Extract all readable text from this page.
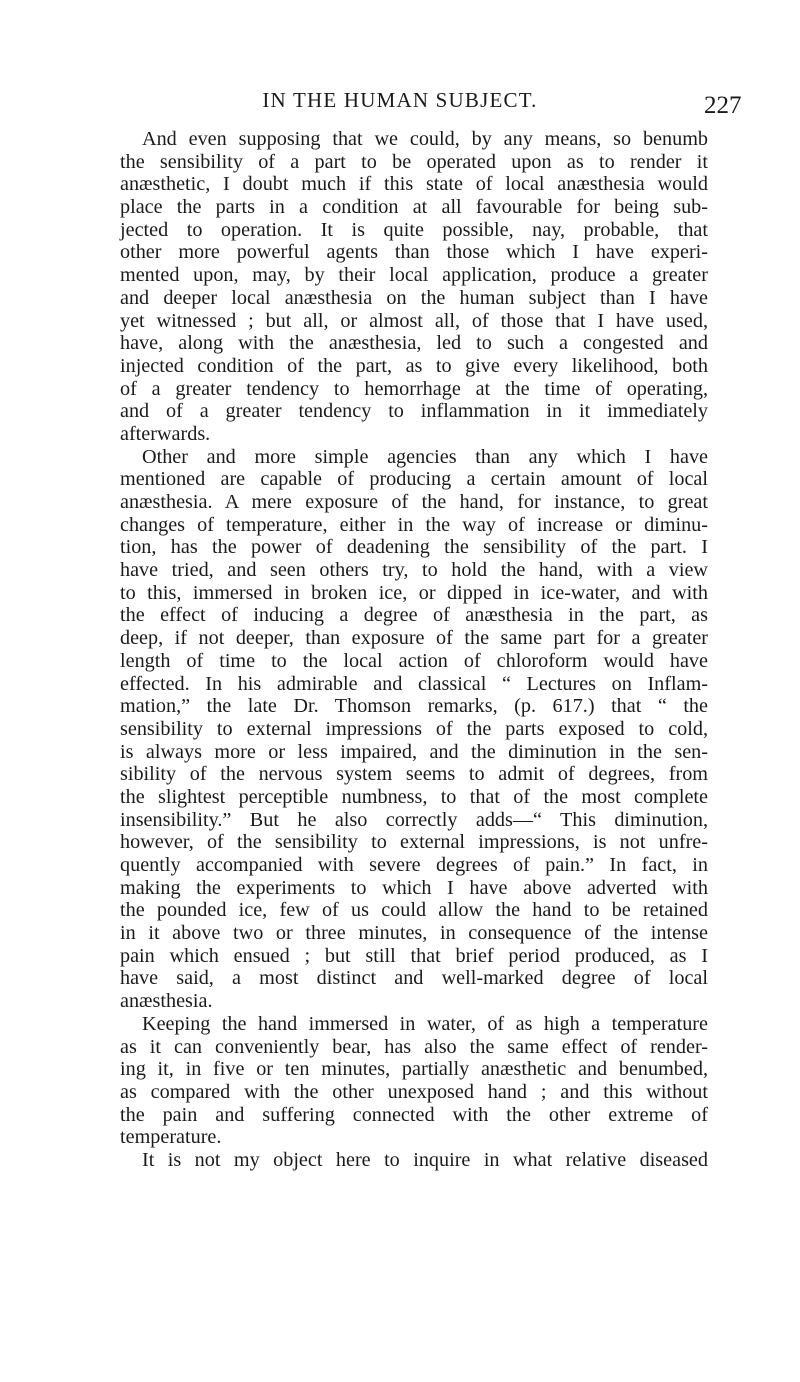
IN THE HUMAN SUBJECT.	227
And even supposing that we could, by any means, so benumb
the sensibility of a part to be operated upon as to render it
anæsthetic, I doubt much if this state of local anæsthesia would
place the parts in a condition at all favourable for being sub-
jected to operation. It is quite possible, nay, probable, that
other more powerful agents than those which I have experi-
mented upon, may, by their local application, produce a greater
and deeper local anæsthesia on the human subject than I have
yet witnessed ; but all, or almost all, of those that I have used,
have, along with the anæsthesia, led to such a congested and
injected condition of the part, as to give every likelihood, both
of a greater tendency to hemorrhage at the time of operating,
and of a greater tendency to inflammation in it immediately
afterwards.
Other and more simple agencies than any which I have
mentioned are capable of producing a certain amount of local
anæsthesia. A mere exposure of the hand, for instance, to great
changes of temperature, either in the way of increase or diminu-
tion, has the power of deadening the sensibility of the part. I
have tried, and seen others try, to hold the hand, with a view
to this, immersed in broken ice, or dipped in ice-water, and with
the effect of inducing a degree of anæsthesia in the part, as
deep, if not deeper, than exposure of the same part for a greater
length of time to the local action of chloroform would have
effected. In his admirable and classical “ Lectures on Inflam-
mation,” the late Dr. Thomson remarks, (p. 617.) that “ the
sensibility to external impressions of the parts exposed to cold,
is always more or less impaired, and the diminution in the sen-
sibility of the nervous system seems to admit of degrees, from
the slightest perceptible numbness, to that of the most complete
insensibility.” But he also correctly adds—“ This diminution,
however, of the sensibility to external impressions, is not unfre-
quently accompanied with severe degrees of pain.” In fact, in
making the experiments to which I have above adverted with
the pounded ice, few of us could allow the hand to be retained
in it above two or three minutes, in consequence of the intense
pain which ensued ; but still that brief period produced, as I
have said, a most distinct and well-marked degree of local
anæsthesia.
Keeping the hand immersed in water, of as high a temperature
as it can conveniently bear, has also the same effect of render-
ing it, in five or ten minutes, partially anæsthetic and benumbed,
as compared with the other unexposed hand ; and this without
the pain and suffering connected with the other extreme of
temperature.
It is not my object here to inquire in what relative diseased
